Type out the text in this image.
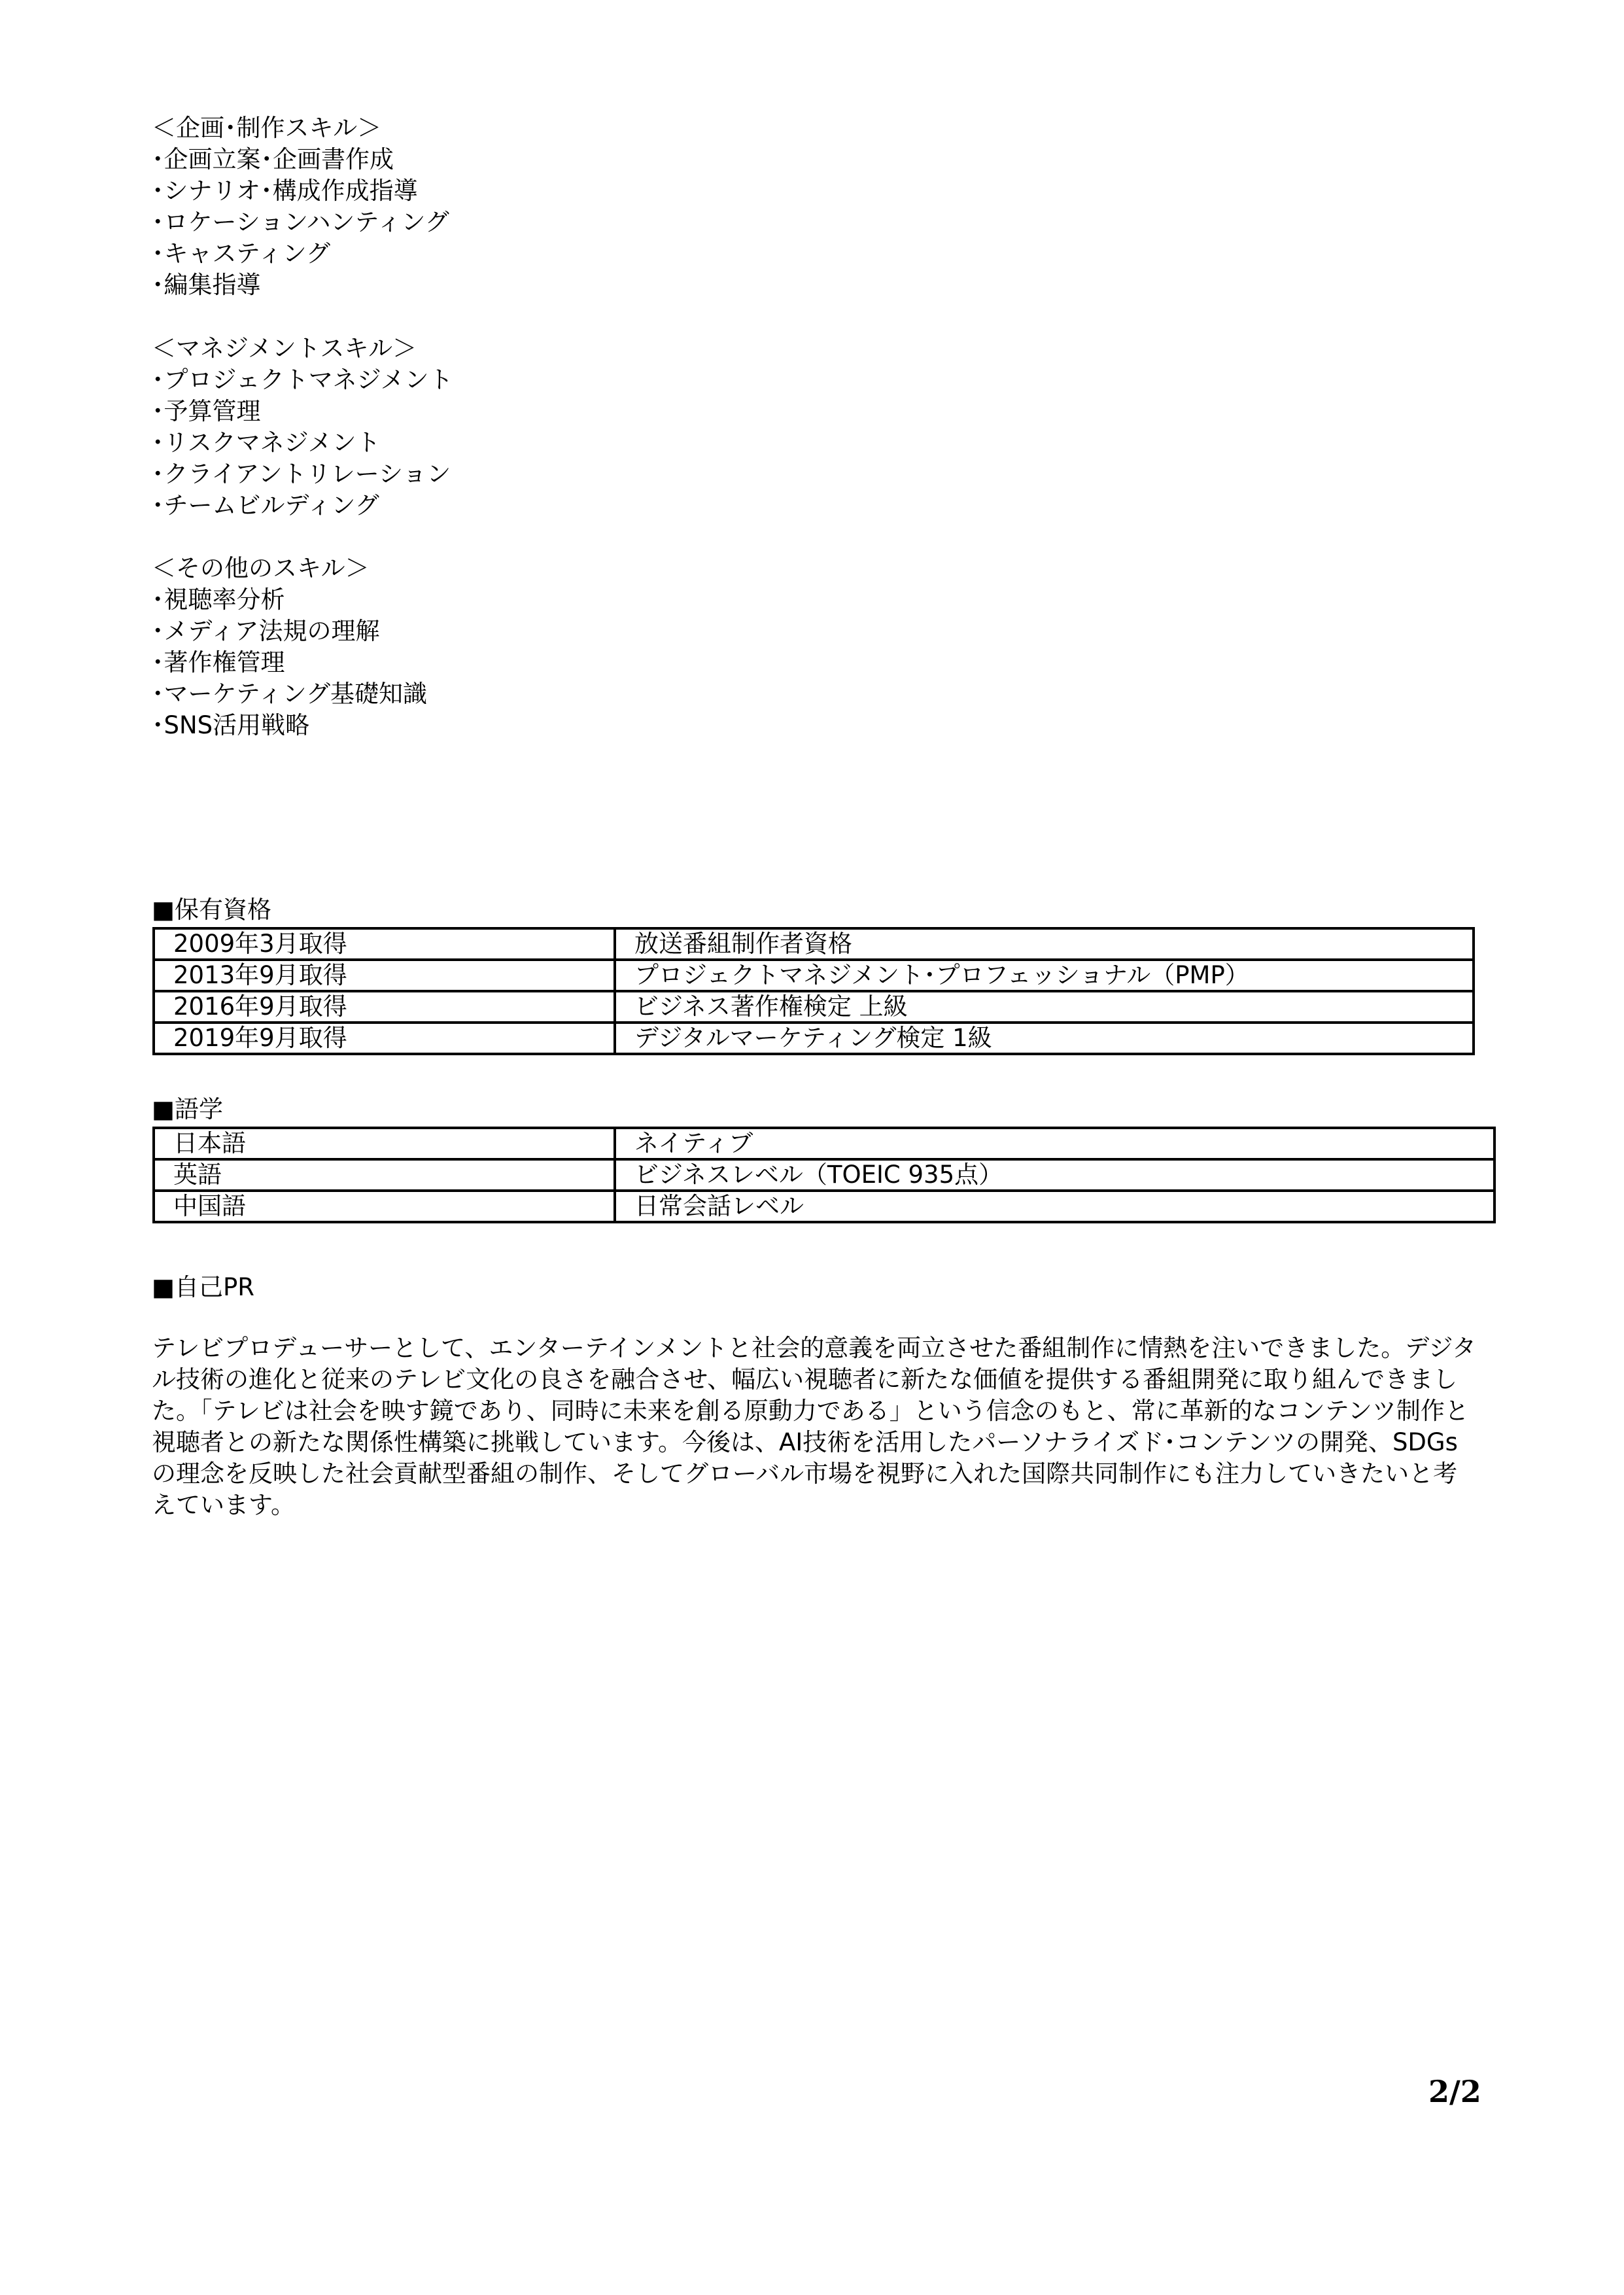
＜企画･制作スキル＞
･企画立案･企画書作成
･シナリオ･構成作成指導
･ロケーションハンティング
･キャスティング
･編集指導
＜マネジメントスキル＞
･プロジェクトマネジメント
･予算管理
･リスクマネジメント
･クライアントリレーション
･チームビルディング
＜その他のスキル＞
･視聴率分析
･メディア法規の理解
･著作権管理
･マーケティング基礎知識
･SNS活用戦略
■保有資格
2009年3月取得	放送番組制作者資格
2013年9月取得	プロジェクトマネジメント･プロフェッショナル（PMP）
2016年9月取得	ビジネス著作権検定 上級
2019年9月取得	デジタルマーケティング検定 1級
■語学
日本語	ネイティブ
英語	ビジネスレベル（TOEIC 935点）
中国語	日常会話レベル
■自己PR
テレビプロデューサーとして、エンターテインメントと社会的意義を両立させた番組制作に情熱を注いできました。デジタル技術の進化と従来のテレビ文化の良さを融合させ、幅広い視聴者に新たな価値を提供する番組開発に取り組んできました。「テレビは社会を映す鏡であり、同時に未来を創る原動力である」という信念のもと、常に革新的なコンテンツ制作と視聴者との新たな関係性構築に挑戦しています。今後は、AI技術を活用したパーソナライズド･コンテンツの開発、SDGsの理念を反映した社会貢献型番組の制作、そしてグローバル市場を視野に入れた国際共同制作にも注力していきたいと考えています。
2/2
